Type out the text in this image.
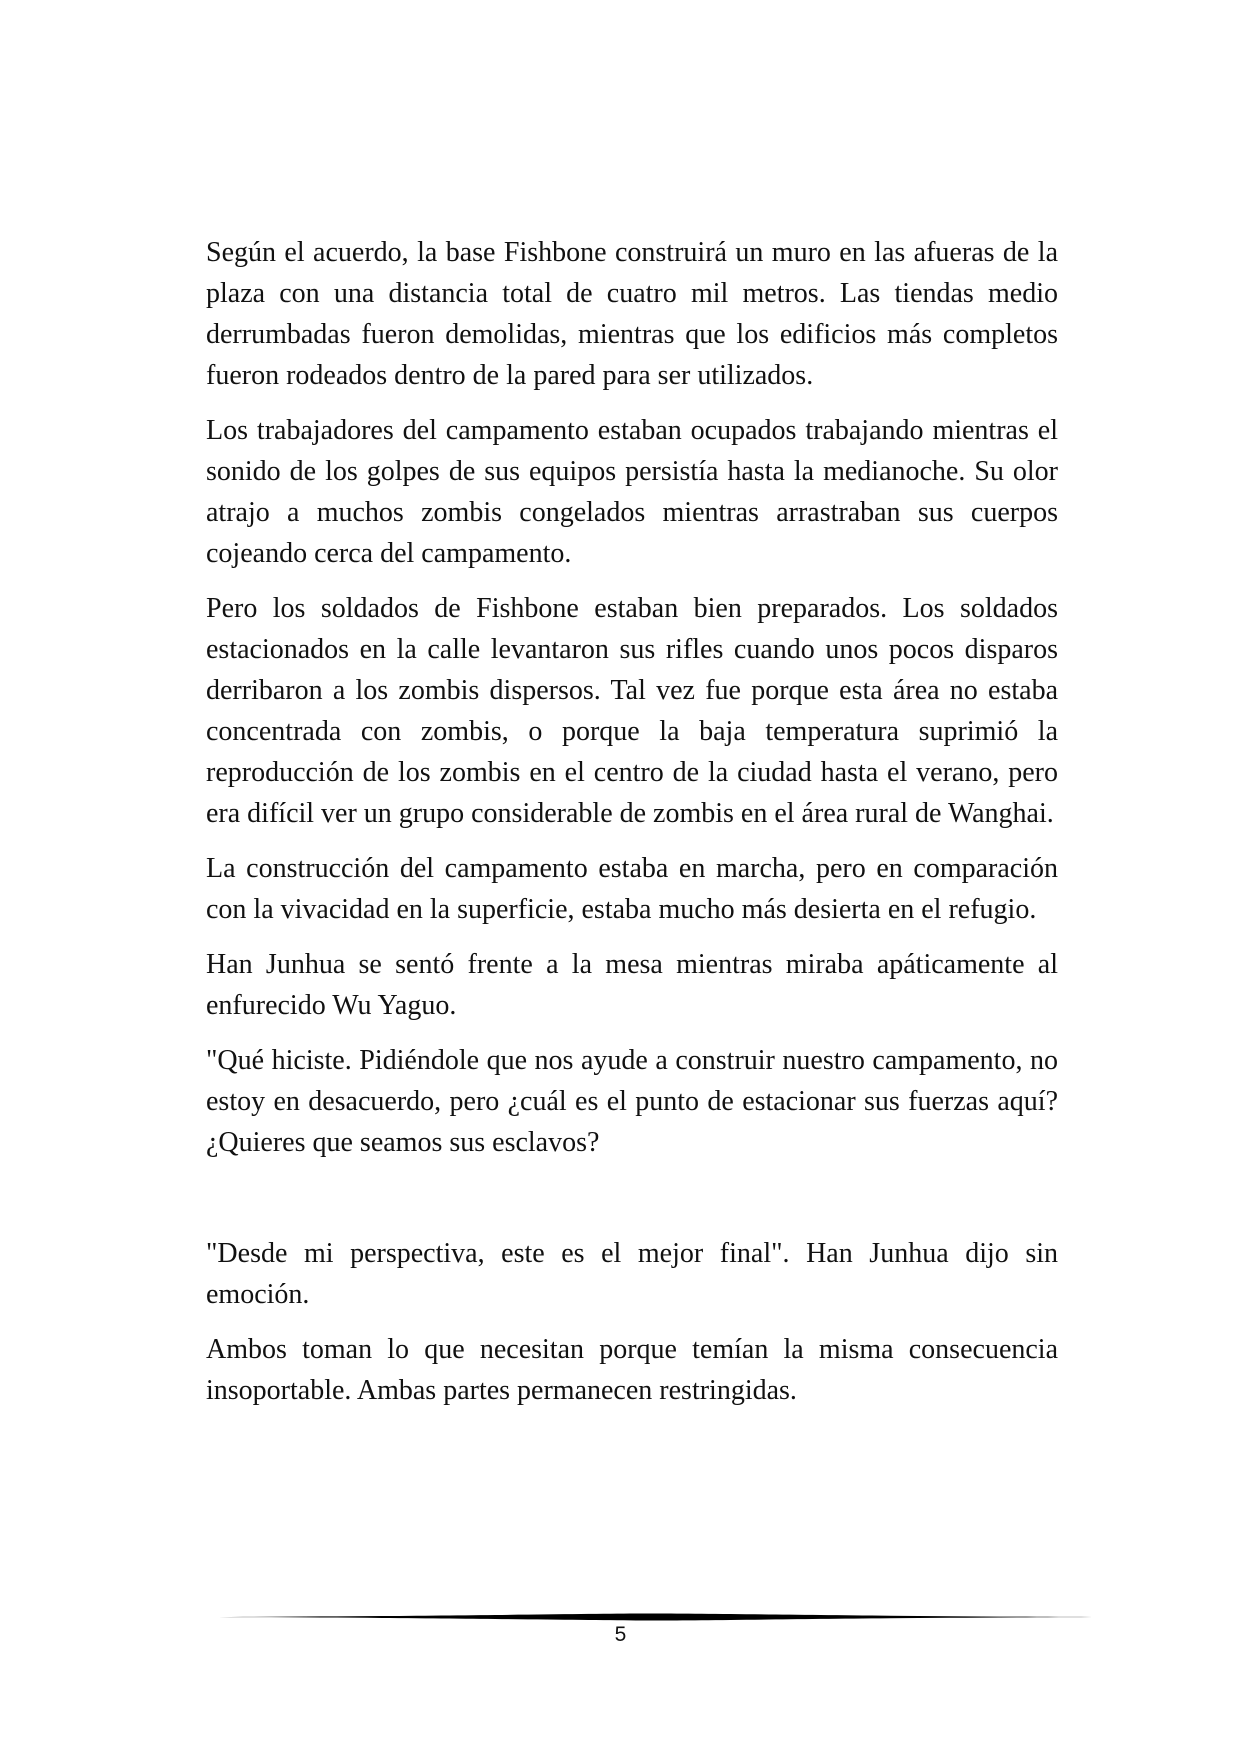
Según el acuerdo, la base Fishbone construirá un muro en las afueras de la plaza con una distancia total de cuatro mil metros. Las tiendas medio derrumbadas fueron demolidas, mientras que los edificios más completos fueron rodeados dentro de la pared para ser utilizados.

Los trabajadores del campamento estaban ocupados trabajando mientras el sonido de los golpes de sus equipos persistía hasta la medianoche. Su olor atrajo a muchos zombis congelados mientras arrastraban sus cuerpos cojeando cerca del campamento.

Pero los soldados de Fishbone estaban bien preparados. Los soldados estacionados en la calle levantaron sus rifles cuando unos pocos disparos derribaron a los zombis dispersos. Tal vez fue porque esta área no estaba concentrada con zombis, o porque la baja temperatura suprimió la reproducción de los zombis en el centro de la ciudad hasta el verano, pero era difícil ver un grupo considerable de zombis en el área rural de Wanghai.

La construcción del campamento estaba en marcha, pero en comparación con la vivacidad en la superficie, estaba mucho más desierta en el refugio.

Han Junhua se sentó frente a la mesa mientras miraba apáticamente al enfurecido Wu Yaguo.

"Qué hiciste. Pidiéndole que nos ayude a construir nuestro campamento, no estoy en desacuerdo, pero ¿cuál es el punto de estacionar sus fuerzas aquí? ¿Quieres que seamos sus esclavos?

"Desde mi perspectiva, este es el mejor final". Han Junhua dijo sin emoción.

Ambos toman lo que necesitan porque temían la misma consecuencia insoportable. Ambas partes permanecen restringidas.

5
